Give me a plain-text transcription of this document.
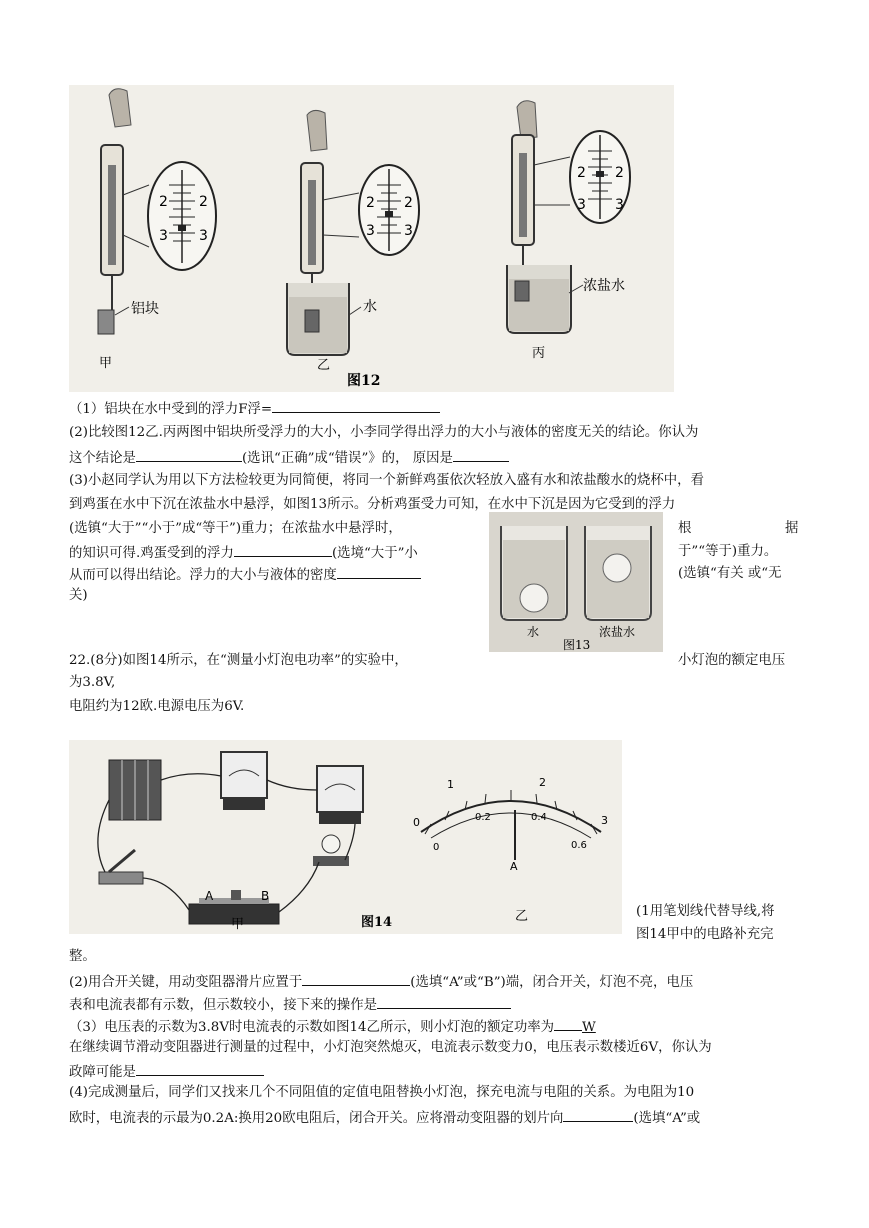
2 2
3 3
铝块
2 2
3 3
水
2 2
3 3
浓盐水
甲	乙
丙
图12
（1）铝块在水中受到的浮力F浮=
(2)比较图12乙.丙两图中铝块所受浮力的大小，小李同学得出浮力的大小与液体的密度无关的结论。你认为
这个结论是	(选讯“正确”成“错误”》的， 原因是
(3)小赵同学认为用以下方法检较更为同简便，将同一个新鲜鸡蛋依次轻放入盛有水和浓盐酸水的烧杯中，看
到鸡蛋在水中下沉在浓盐水中悬浮，如图13所示。分析鸡蛋受力可知，在水中下沉是因为它受到的浮力
(选镇“大于”“小于”成“等干”)重力；在浓盐水中悬浮时，	根	据
的知识可得.鸡蛋受到的浮力	(选境“大于”小	于”“等于)重力。
从而可以得出结论。浮力的大小与液体的密度	(选镇“有关 或“无
关)
水	浓盐水
图13
22.(8分)如图14所示，在“测量小灯泡电功率”的实验中，	小灯泡的额定电压
为3.8V,
电阻约为12欧.电源电压为6V.
A	B
0
1	2
3
0
0.2	0.4
0.6
A
甲	图14	乙	(1用笔划线代替导线,将
图14甲中的电路补充完
整。
(2)用合开关键，用动变阻器滑片应置于	(选填“A”或“B”)端，闭合开关，灯泡不亮，电压
表和电流表都有示数，但示数较小，接下来的操作是
（3）电压表的示数为3.8V时电流表的示数如图14乙所示，则小灯泡的额定功率为 W
在继续调节滑动变阻器进行测量的过程中，小灯泡突然熄灭，电流表示数变力0，电压表示数楼近6V，你认为
政障可能是
(4)完成测量后，同学们又找来几个不同阻值的定值电阻替换小灯泡，探充电流与电阻的关系。为电阻为10
欧时，电流表的示最为0.2A:换用20欧电阻后，闭合开关。应将滑动变阻器的划片向	(选填“A”或
